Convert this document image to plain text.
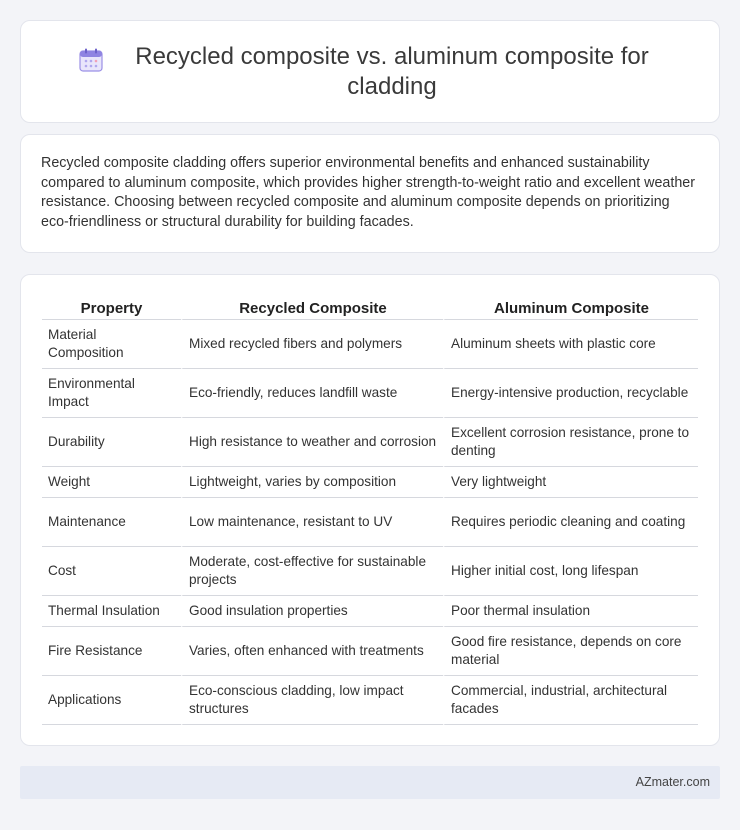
Recycled composite vs. aluminum composite for cladding

Recycled composite cladding offers superior environmental benefits and enhanced sustainability compared to aluminum composite, which provides higher strength-to-weight ratio and excellent weather resistance. Choosing between recycled composite and aluminum composite depends on prioritizing eco-friendliness or structural durability for building facades.

Property	Recycled Composite	Aluminum Composite
Material Composition	Mixed recycled fibers and polymers	Aluminum sheets with plastic core
Environmental Impact	Eco-friendly, reduces landfill waste	Energy-intensive production, recyclable
Durability	High resistance to weather and corrosion	Excellent corrosion resistance, prone to denting
Weight	Lightweight, varies by composition	Very lightweight
Maintenance	Low maintenance, resistant to UV	Requires periodic cleaning and coating
Cost	Moderate, cost-effective for sustainable projects	Higher initial cost, long lifespan
Thermal Insulation	Good insulation properties	Poor thermal insulation
Fire Resistance	Varies, often enhanced with treatments	Good fire resistance, depends on core material
Applications	Eco-conscious cladding, low impact structures	Commercial, industrial, architectural facades
AZmater.com
